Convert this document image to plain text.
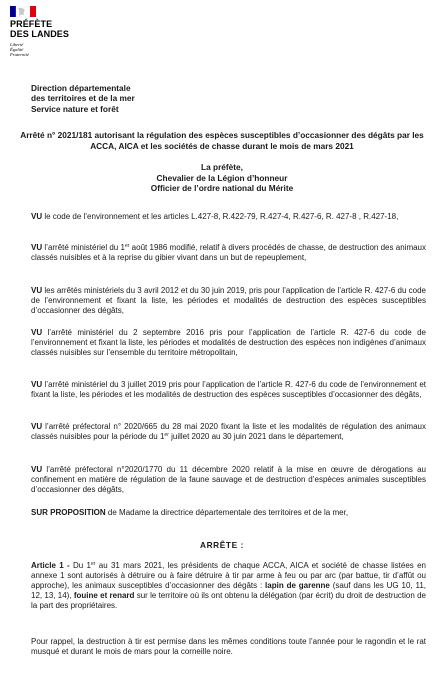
PRÉFÈTE
DES LANDES
Liberté
Égalité
Fraternité
Direction départementale
des territoires et de la mer
Service nature et forêt
Arrêté n° 2021/181 autorisant la régulation des espèces susceptibles d’occasionner des dégâts par les ACCA, AICA et les sociétés de chasse durant le mois de mars 2021
La préfète,
Chevalier de la Légion d’honneur
Officier de l’ordre national du Mérite

VU le code de l’environnement et les articles L.427-8, R.422-79, R.427-4, R.427-6, R. 427-8 , R.427-18,

VU l’arrêté ministériel du 1er août 1986 modifié, relatif à divers procédés de chasse, de destruction des animaux classés nuisibles et à la reprise du gibier vivant dans un but de repeuplement,

VU les arrêtés ministériels du 3 avril 2012 et du 30 juin 2019, pris pour l’application de l’article R. 427-6 du code de l’environnement et fixant la liste, les périodes et modalités de destruction des espèces susceptibles d’occasionner des dégâts,

VU l’arrêté ministériel du 2 septembre 2016 pris pour l’application de l’article R. 427-6 du code de l’environnement et fixant la liste, les périodes et modalités de destruction des espèces non indigènes d’animaux classés nuisibles sur l’ensemble du territoire métropolitain,

VU l’arrêté ministériel du 3 juillet 2019 pris pour l’application de l’article R. 427-6 du code de l’environnement et fixant la liste, les périodes et les modalités de destruction des espèces susceptibles d’occasionner des dégâts,

VU l’arrêté préfectoral n° 2020/665 du 28 mai 2020 fixant la liste et les modalités de régulation des animaux classés nuisibles pour la période du 1er juillet 2020 au 30 juin 2021 dans le département,

VU l’arrêté préfectoral n°2020/1770 du 11 décembre 2020 relatif à la mise en œuvre de dérogations au confinement en matière de régulation de la faune sauvage et de destruction d’espèces animales susceptibles d’occasionner des dégâts,

SUR PROPOSITION de Madame la directrice départementale des territoires et de la mer,

ARRÊTE :

Article 1 - Du 1er au 31 mars 2021, les présidents de chaque ACCA, AICA et société de chasse listées en annexe 1 sont autorisés à détruire ou à faire détruire à tir par arme à feu ou par arc (par battue, tir d’affût ou approche), les animaux susceptibles d’occasionner des dégâts : lapin de garenne (sauf dans les UG 10, 11, 12, 13, 14), fouine et renard sur le territoire où ils ont obtenu la délégation (par écrit) du droit de destruction de la part des propriétaires.

Pour rappel, la destruction à tir est permise dans les mêmes conditions toute l’année pour le ragondin et le rat musqué et durant le mois de mars pour la corneille noire.
